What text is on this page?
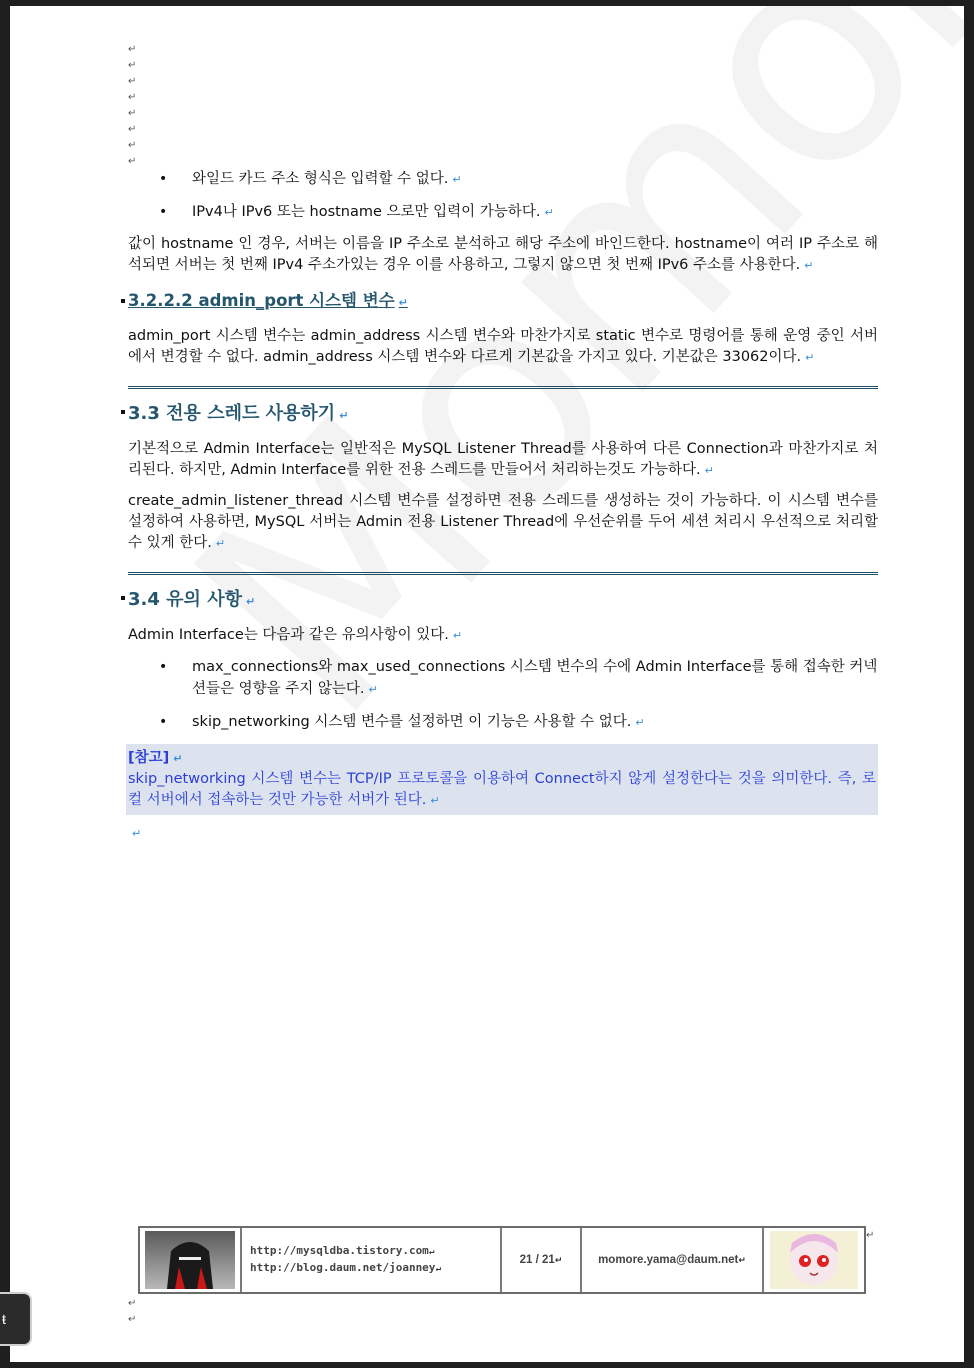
↵
↵
↵
↵
↵
↵
↵
↵
• 와일드 카드 주소 형식은 입력할 수 없다. ↵
• IPv4나 IPv6 또는 hostname 으로만 입력이 가능하다. ↵

값이 hostname 인 경우, 서버는 이름을 IP 주소로 분석하고 해당 주소에 바인드한다. hostname이 여러 IP 주소로 해석되면 서버는 첫 번째 IPv4 주소가있는 경우 이를 사용하고, 그렇지 않으면 첫 번째 IPv6 주소를 사용한다. ↵

3.2.2.2 admin_port 시스템 변수 ↵

admin_port 시스템 변수는 admin_address 시스템 변수와 마찬가지로 static 변수로 명령어를 통해 운영 중인 서버에서 변경할 수 없다. admin_address 시스템 변수와 다르게 기본값을 가지고 있다. 기본값은 33062이다. ↵

3.3 전용 스레드 사용하기 ↵

기본적으로 Admin Interface는 일반적은 MySQL Listener Thread를 사용하여 다른 Connection과 마찬가지로 처리된다. 하지만, Admin Interface를 위한 전용 스레드를 만들어서 처리하는것도 가능하다. ↵

create_admin_listener_thread 시스템 변수를 설정하면 전용 스레드를 생성하는 것이 가능하다. 이 시스템 변수를 설정하여 사용하면, MySQL 서버는 Admin 전용 Listener Thread에 우선순위를 두어 세션 처리시 우선적으로 처리할 수 있게 한다. ↵

3.4 유의 사항 ↵

Admin Interface는 다음과 같은 유의사항이 있다. ↵

• max_connections와 max_used_connections 시스템 변수의 수에 Admin Interface를 통해 접속한 커넥션들은 영향을 주지 않는다. ↵
• skip_networking 시스템 변수를 설정하면 이 기능은 사용할 수 없다. ↵
[참고] ↵

skip_networking 시스템 변수는 TCP/IP 프로토콜을 이용하여 Connect하지 않게 설정한다는 것을 의미한다. 즉, 로컬 서버에서 접속하는 것만 가능한 서버가 된다. ↵

↵
http://mysqldba.tistory.com↵
http://blog.daum.net/joanney↵
21 / 21 ↵	momore.yama@daum.net ↵
↵
↵
↵
ŧ
